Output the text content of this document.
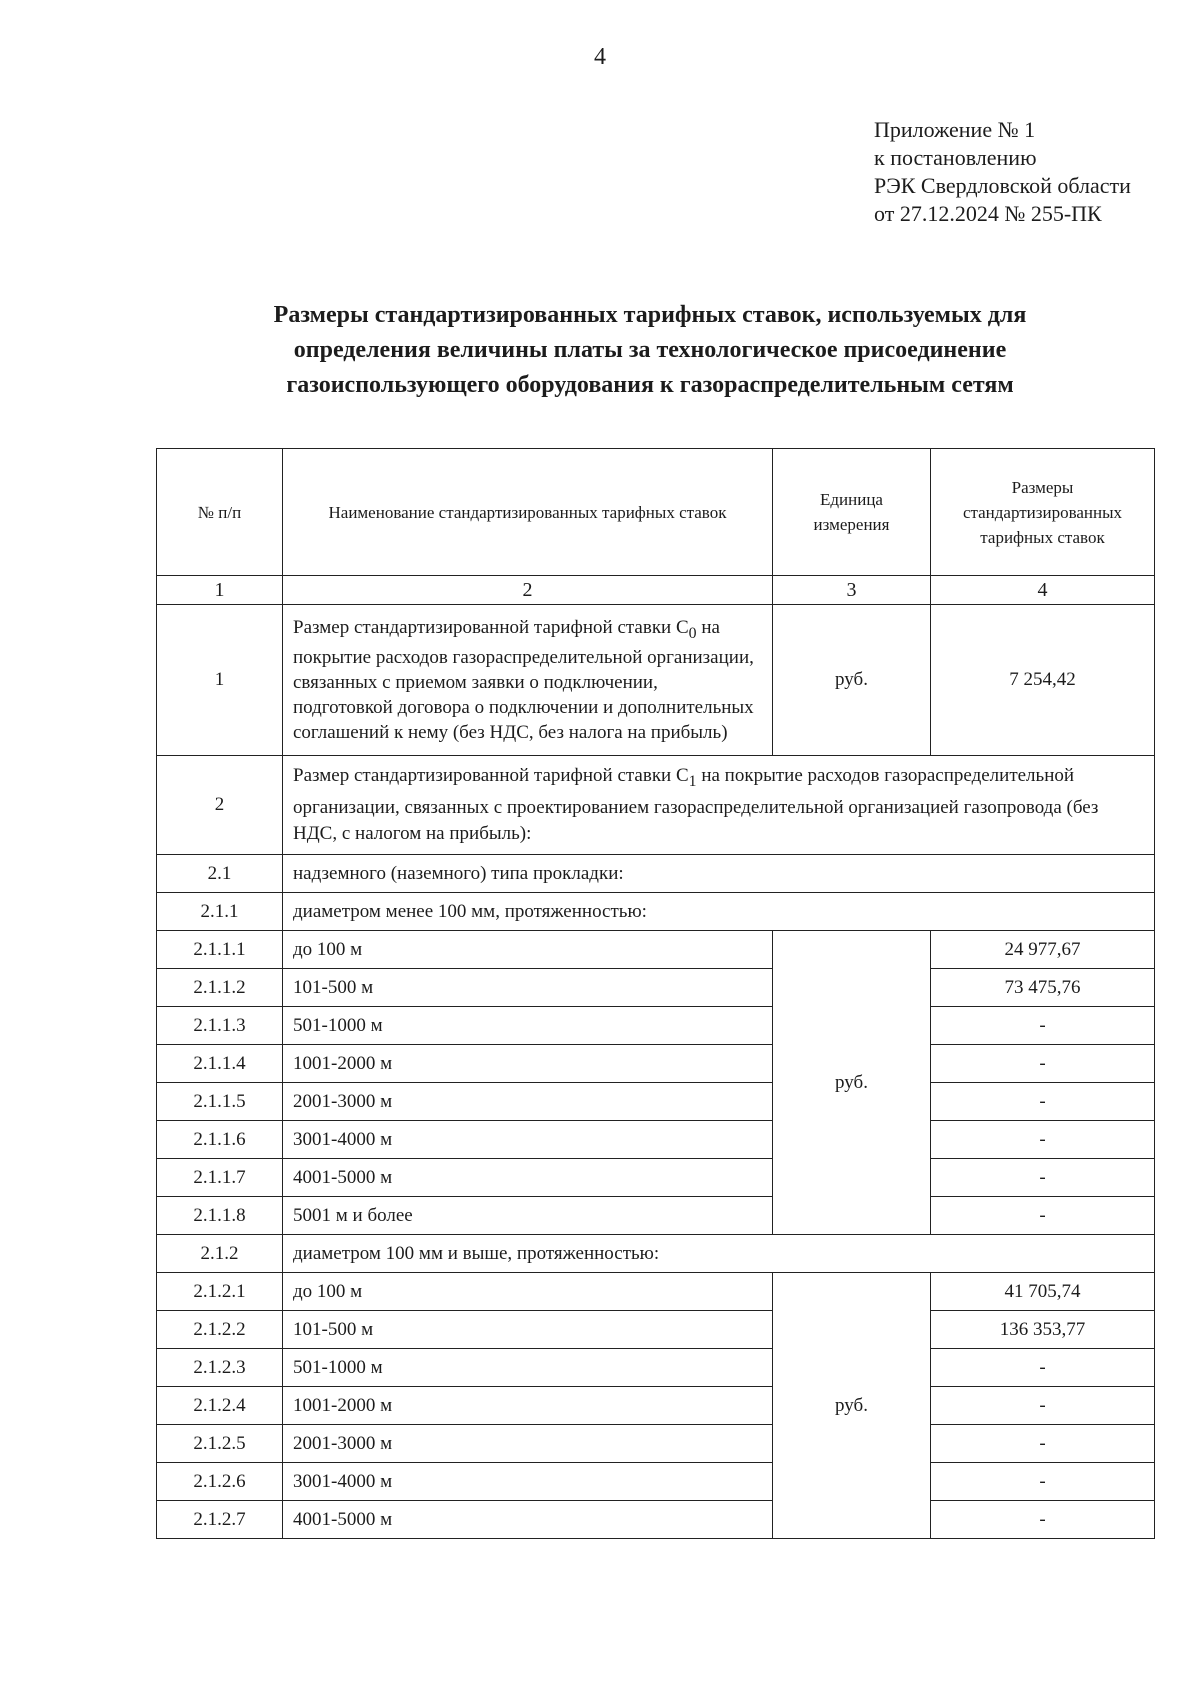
4
Приложение № 1
к постановлению
РЭК Свердловской области
от 27.12.2024 № 255-ПК
Размеры стандартизированных тарифных ставок, используемых для
определения величины платы за технологическое присоединение
газоиспользующего оборудования к газораспределительным сетям
№ п/п	Наименование стандартизированных тарифных ставок	Единица измерения	Размеры стандартизированных тарифных ставок
1	2	3	4
1	Размер стандартизированной тарифной ставки $С_0$ на покрытие расходов газораспределительной организации, связанных с приемом заявки о подключении, подготовкой договора о подключении и дополнительных соглашений к нему (без НДС, без налога на прибыль)	руб.	7 254,42
2	Размер стандартизированной тарифной ставки $С_1$ на покрытие расходов газораспределительной организации, связанных с проектированием газораспределительной организацией газопровода (без НДС, с налогом на прибыль):		
2.1	надземного (наземного) типа прокладки:		
2.1.1	диаметром менее 100 мм, протяженностью:		
2.1.1.1	до 100 м	руб.	24 977,67
2.1.1.2	101-500 м		73 475,76
2.1.1.3	501-1000 м		-
2.1.1.4	1001-2000 м		-
2.1.1.5	2001-3000 м		-
2.1.1.6	3001-4000 м		-
2.1.1.7	4001-5000 м		-
2.1.1.8	5001 м и более		-
2.1.2	диаметром 100 мм и выше, протяженностью:		
2.1.2.1	до 100 м	руб.	41 705,74
2.1.2.2	101-500 м		136 353,77
2.1.2.3	501-1000 м		-
2.1.2.4	1001-2000 м		-
2.1.2.5	2001-3000 м		-
2.1.2.6	3001-4000 м		-
2.1.2.7	4001-5000 м		-
